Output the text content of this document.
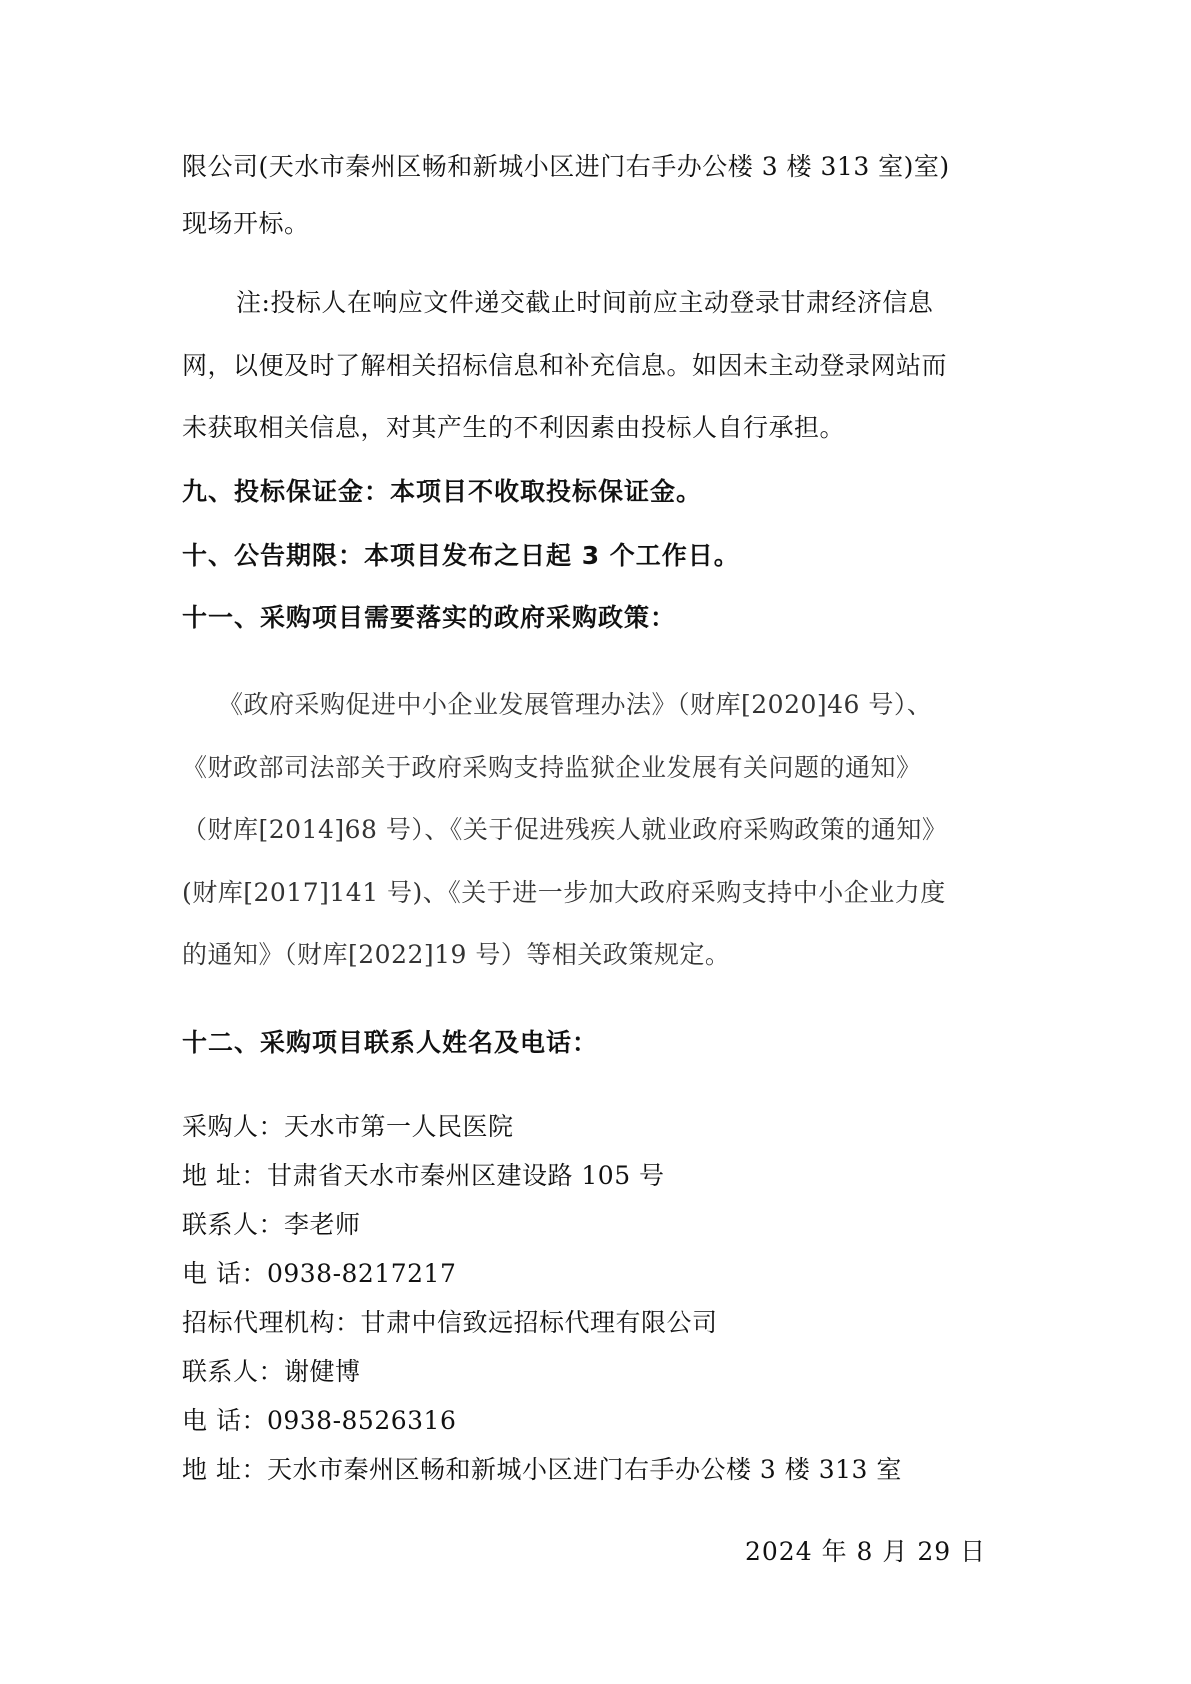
限公司(天水市秦州区畅和新城小区进门右手办公楼 3 楼 313 室)室)

现场开标。

注:投标人在响应文件递交截止时间前应主动登录甘肃经济信息

网，以便及时了解相关招标信息和补充信息。如因未主动登录网站而

未获取相关信息，对其产生的不利因素由投标人自行承担。

九、投标保证金：本项目不收取投标保证金。

十、公告期限：本项目发布之日起 3 个工作日。

十一、采购项目需要落实的政府采购政策：

《政府采购促进中小企业发展管理办法》（财库[2020]46 号）、

《财政部司法部关于政府采购支持监狱企业发展有关问题的通知》

（财库[2014]68 号）、《关于促进残疾人就业政府采购政策的通知》

(财库[2017]141 号)、《关于进一步加大政府采购支持中小企业力度

的通知》（财库[2022]19 号）等相关政策规定。

十二、采购项目联系人姓名及电话：

采购人：天水市第一人民医院

地 址：甘肃省天水市秦州区建设路 105 号

联系人：李老师

电 话：0938-8217217

招标代理机构：甘肃中信致远招标代理有限公司

联系人：谢健博

电 话：0938-8526316

地 址：天水市秦州区畅和新城小区进门右手办公楼 3 楼 313 室

2024 年 8 月 29 日
